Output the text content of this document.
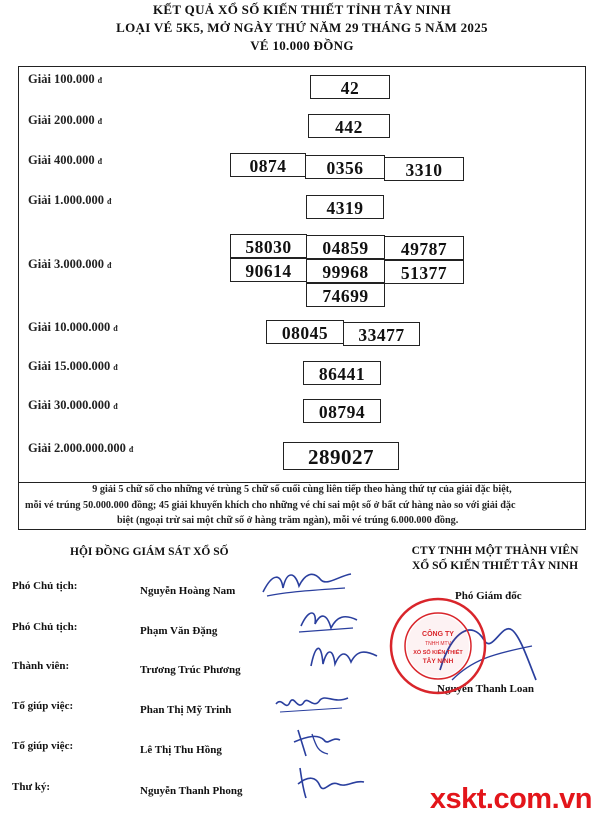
KẾT QUẢ XỔ SỐ KIẾN THIẾT TỈNH TÂY NINH
LOẠI VÉ 5K5, MỞ NGÀY THỨ NĂM 29 THÁNG 5 NĂM 2025
VÉ 10.000 ĐỒNG
Giải 100.000 đ	42
Giải 200.000 đ	442
Giải 400.000 đ	0874	0356	3310
Giải 1.000.000 đ	4319
Giải 3.000.000 đ
58030	04859	49787
90614	99968	51377
74699
Giải 10.000.000 đ	08045	33477
Giải 15.000.000 đ	86441
Giải 30.000.000 đ	08794
Giải 2.000.000.000 đ	289027

9 giải 5 chữ số cho những vé trùng 5 chữ số cuối cùng liên tiếp theo hàng thứ tự của giải đặc biệt,

mỗi vé trúng 50.000.000 đồng; 45 giải khuyến khích cho những vé chỉ sai một số ở bất cứ hàng nào so với giải đặc

biệt (ngoại trừ sai một chữ số ở hàng trăm ngàn), mỗi vé trúng 6.000.000 đồng.

HỘI ĐỒNG GIÁM SÁT XỔ SỐ
Phó Chủ tịch:	Nguyễn Hoàng Nam
Phó Chủ tịch:	Phạm Văn Đặng
Thành viên:	Trương Trúc Phương
Tổ giúp việc:	Phan Thị Mỹ Trinh
Tổ giúp việc:	Lê Thị Thu Hồng
Thư ký:	Nguyễn Thanh Phong
CTY TNHH MỘT THÀNH VIÊN
XỔ SỐ KIẾN THIẾT TÂY NINH
Phó Giám đốc
Nguyễn Thanh Loan
CÔNG TY
TNHH MTV
XỔ SỐ KIẾN THIẾT
TÂY NINH
xskt.com.vn
